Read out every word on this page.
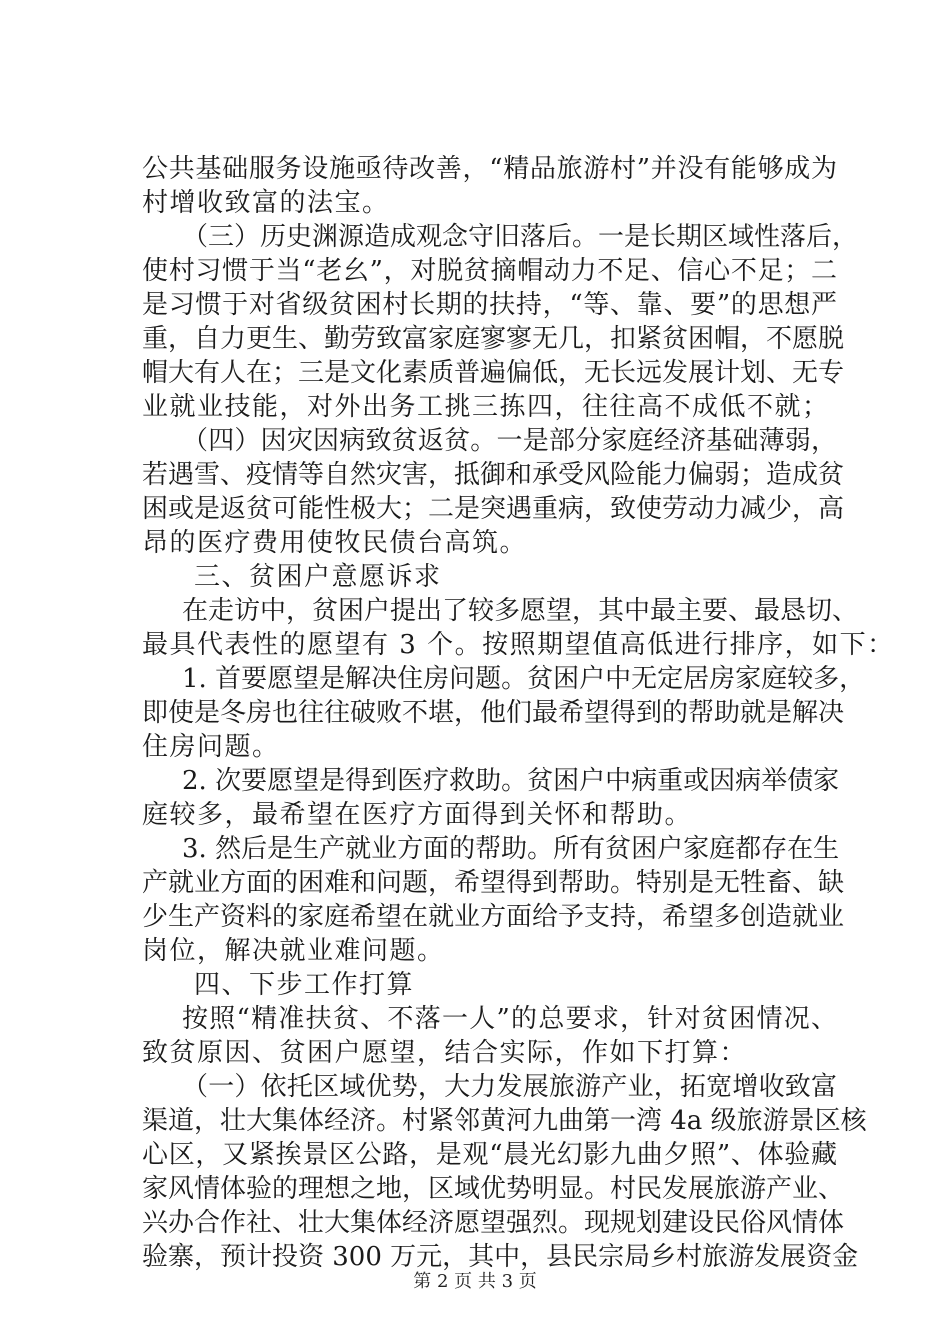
公共基础服务设施亟待改善，“精品旅游村”并没有能够成为
村增收致富的法宝。
（三）历史渊源造成观念守旧落后。一是长期区域性落后，
使村习惯于当“老幺”，对脱贫摘帽动力不足、信心不足；二
是习惯于对省级贫困村长期的扶持，“等、靠、要”的思想严
重，自力更生、勤劳致富家庭寥寥无几，扣紧贫困帽，不愿脱
帽大有人在；三是文化素质普遍偏低，无长远发展计划、无专
业就业技能，对外出务工挑三拣四，往往高不成低不就；
（四）因灾因病致贫返贫。一是部分家庭经济基础薄弱，
若遇雪、疫情等自然灾害，抵御和承受风险能力偏弱；造成贫
困或是返贫可能性极大；二是突遇重病，致使劳动力减少，高
昂的医疗费用使牧民债台高筑。
三、贫困户意愿诉求
在走访中，贫困户提出了较多愿望，其中最主要、最恳切、
最具代表性的愿望有 3 个。按照期望值高低进行排序，如下：
1. 首要愿望是解决住房问题。贫困户中无定居房家庭较多，
即使是冬房也往往破败不堪，他们最希望得到的帮助就是解决
住房问题。
2. 次要愿望是得到医疗救助。贫困户中病重或因病举债家
庭较多，最希望在医疗方面得到关怀和帮助。
3. 然后是生产就业方面的帮助。所有贫困户家庭都存在生
产就业方面的困难和问题，希望得到帮助。特别是无牲畜、缺
少生产资料的家庭希望在就业方面给予支持，希望多创造就业
岗位，解决就业难问题。
四、下步工作打算
按照“精准扶贫、不落一人”的总要求，针对贫困情况、
致贫原因、贫困户愿望，结合实际，作如下打算：
（一）依托区域优势，大力发展旅游产业，拓宽增收致富
渠道，壮大集体经济。村紧邻黄河九曲第一湾 4a 级旅游景区核
心区，又紧挨景区公路，是观“晨光幻影九曲夕照”、体验藏
家风情体验的理想之地，区域优势明显。村民发展旅游产业、
兴办合作社、壮大集体经济愿望强烈。现规划建设民俗风情体
验寨，预计投资 300 万元，其中，县民宗局乡村旅游发展资金
第 2 页 共 3 页
